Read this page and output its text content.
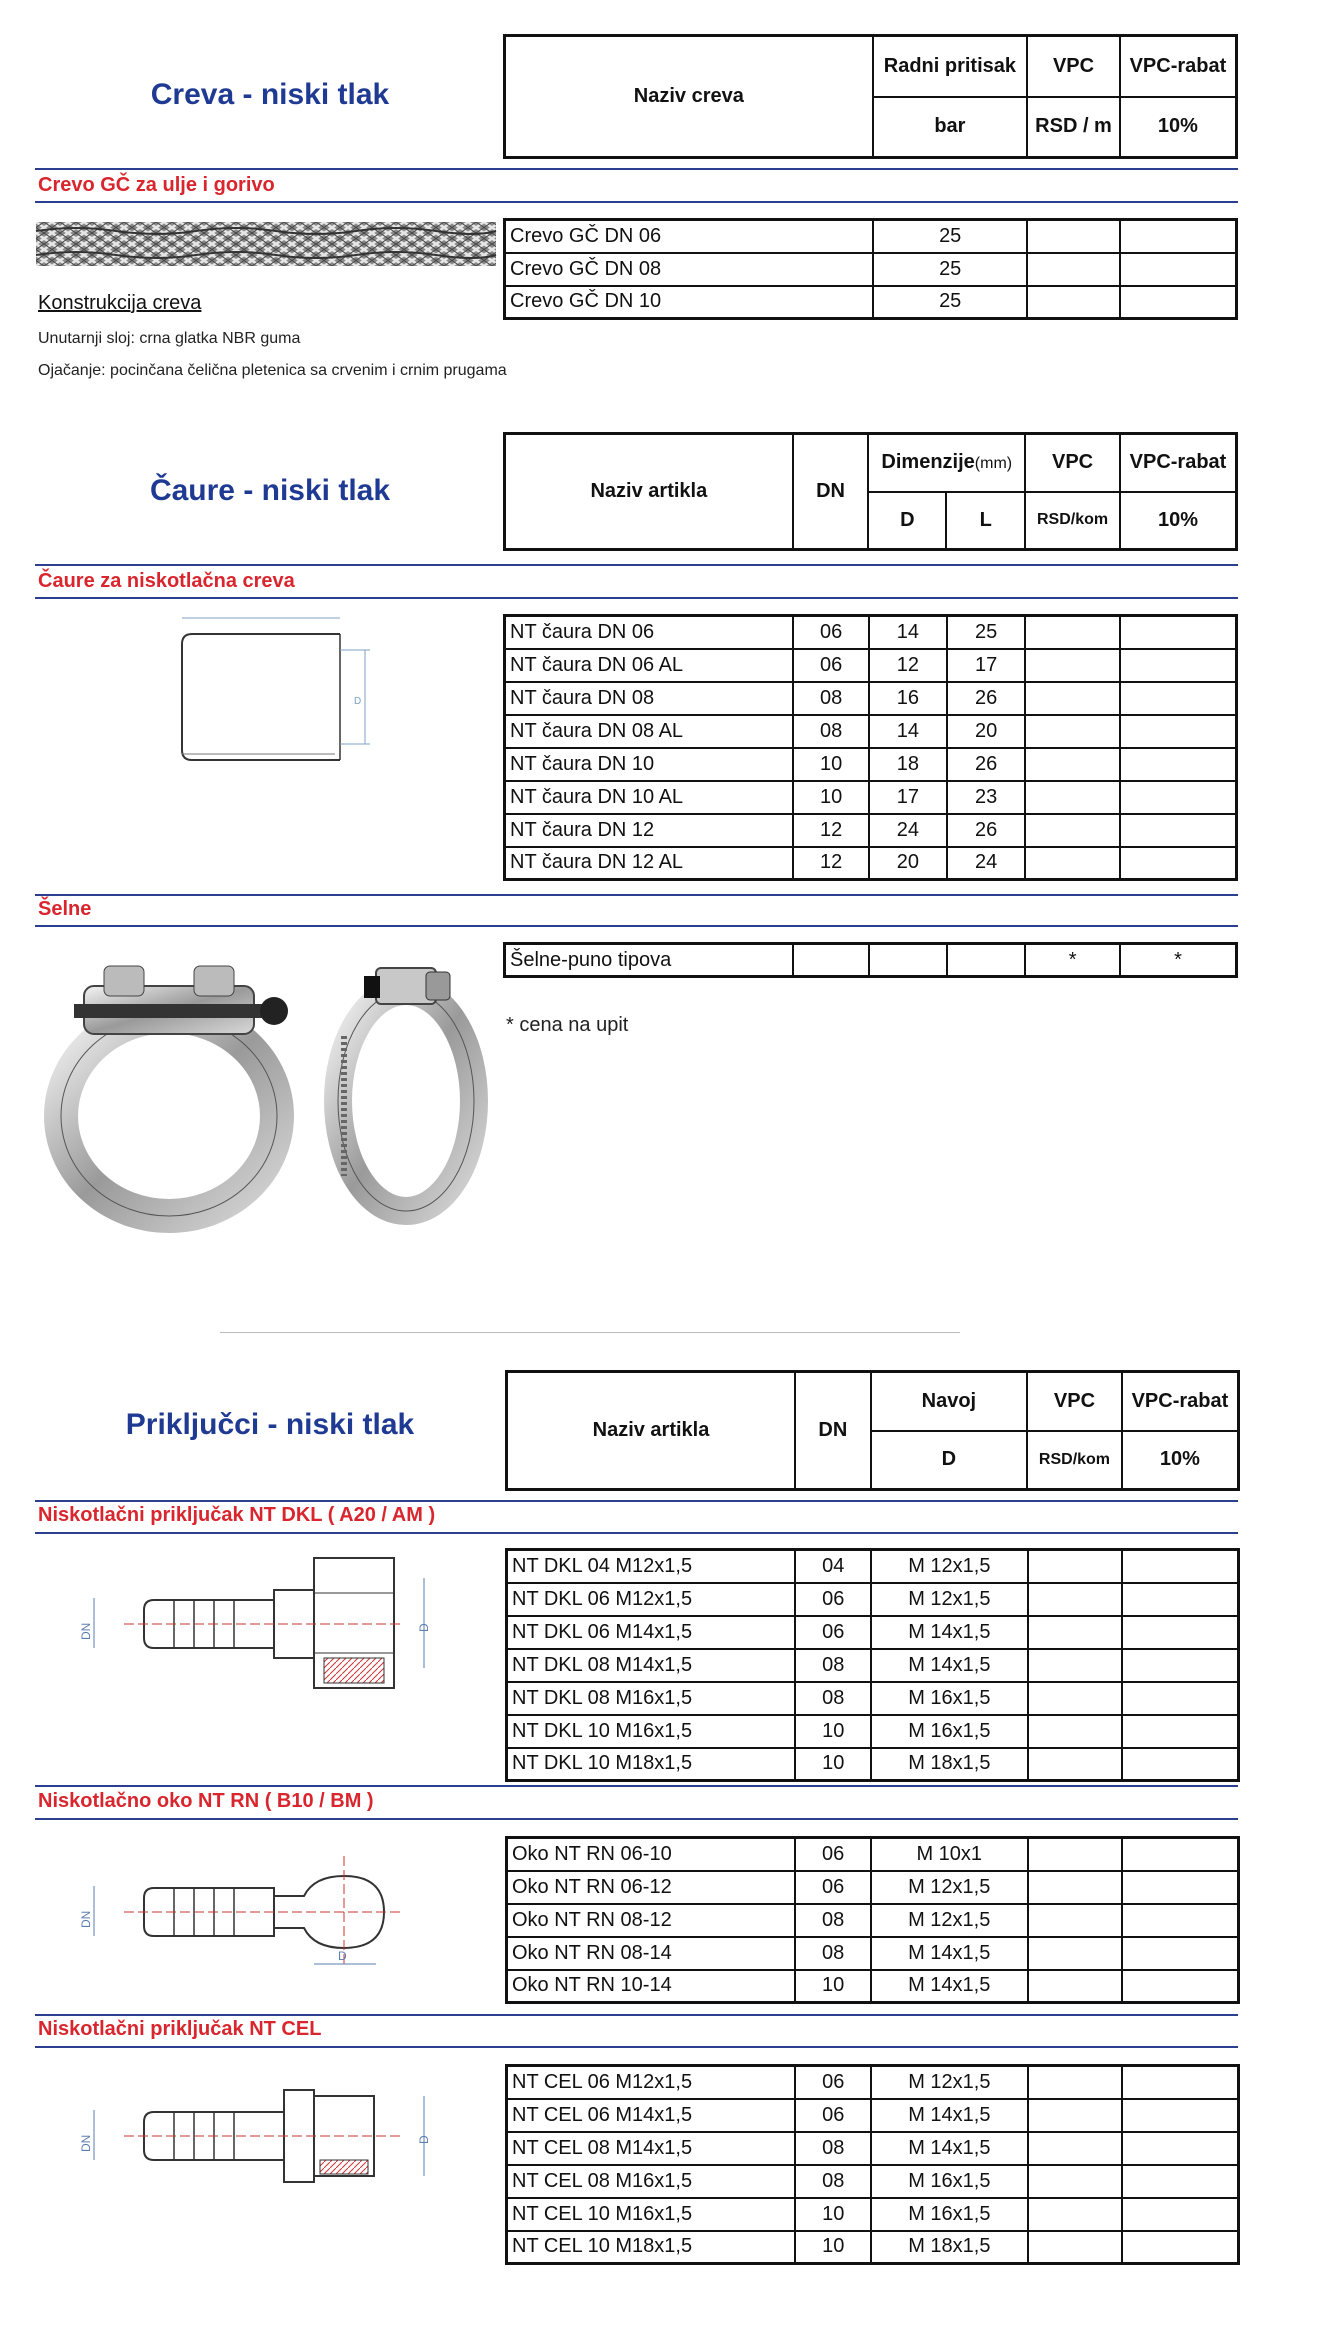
Creva - niski tlak	Naziv creva	Radni pritisak	VPC	VPC-rabat
	bar	RSD / m	10%
Crevo GČ za ulje i gorivo
Crevo GČ DN 06	25		
Crevo GČ DN 08	25		
Crevo GČ DN 10	25		
Konstrukcija creva
Unutarnji sloj: crna glatka NBR guma
Ojačanje: pocinčana čelična pletenica sa crvenim i crnim prugama
Čaure - niski tlak	Naziv artikla	DN	Dimenzije(mm)		VPC	VPC-rabat
		D	L	RSD/kom	10%
Čaure za niskotlačna creva
D
NT čaura DN 06	06	14	25		
NT čaura DN 06 AL	06	12	17		
NT čaura DN 08	08	16	26		
NT čaura DN 08 AL	08	14	20		
NT čaura DN 10	10	18	26		
NT čaura DN 10 AL	10	17	23		
NT čaura DN 12	12	24	26		
NT čaura DN 12 AL	12	20	24		
Šelne
Šelne-puno tipova				*	*
* cena na upit
Priključci - niski tlak	Naziv artikla	DN	Navoj	VPC	VPC-rabat
		D	RSD/kom	10%
Niskotlačni priključak NT DKL ( A20 / AM )
DN	D
NT DKL 04 M12x1,5	04	M 12x1,5		
NT DKL 06 M12x1,5	06	M 12x1,5		
NT DKL 06 M14x1,5	06	M 14x1,5		
NT DKL 08 M14x1,5	08	M 14x1,5		
NT DKL 08 M16x1,5	08	M 16x1,5		
NT DKL 10 M16x1,5	10	M 16x1,5		
NT DKL 10 M18x1,5	10	M 18x1,5		
Niskotlačno oko NT RN ( B10 / BM )
DN
D
Oko NT RN 06-10	06	M 10x1		
Oko NT RN 06-12	06	M 12x1,5		
Oko NT RN 08-12	08	M 12x1,5		
Oko NT RN 08-14	08	M 14x1,5		
Oko NT RN 10-14	10	M 14x1,5		
Niskotlačni priključak NT CEL
DN	D
NT CEL 06 M12x1,5	06	M 12x1,5		
NT CEL 06 M14x1,5	06	M 14x1,5		
NT CEL 08 M14x1,5	08	M 14x1,5		
NT CEL 08 M16x1,5	08	M 16x1,5		
NT CEL 10 M16x1,5	10	M 16x1,5		
NT CEL 10 M18x1,5	10	M 18x1,5		
